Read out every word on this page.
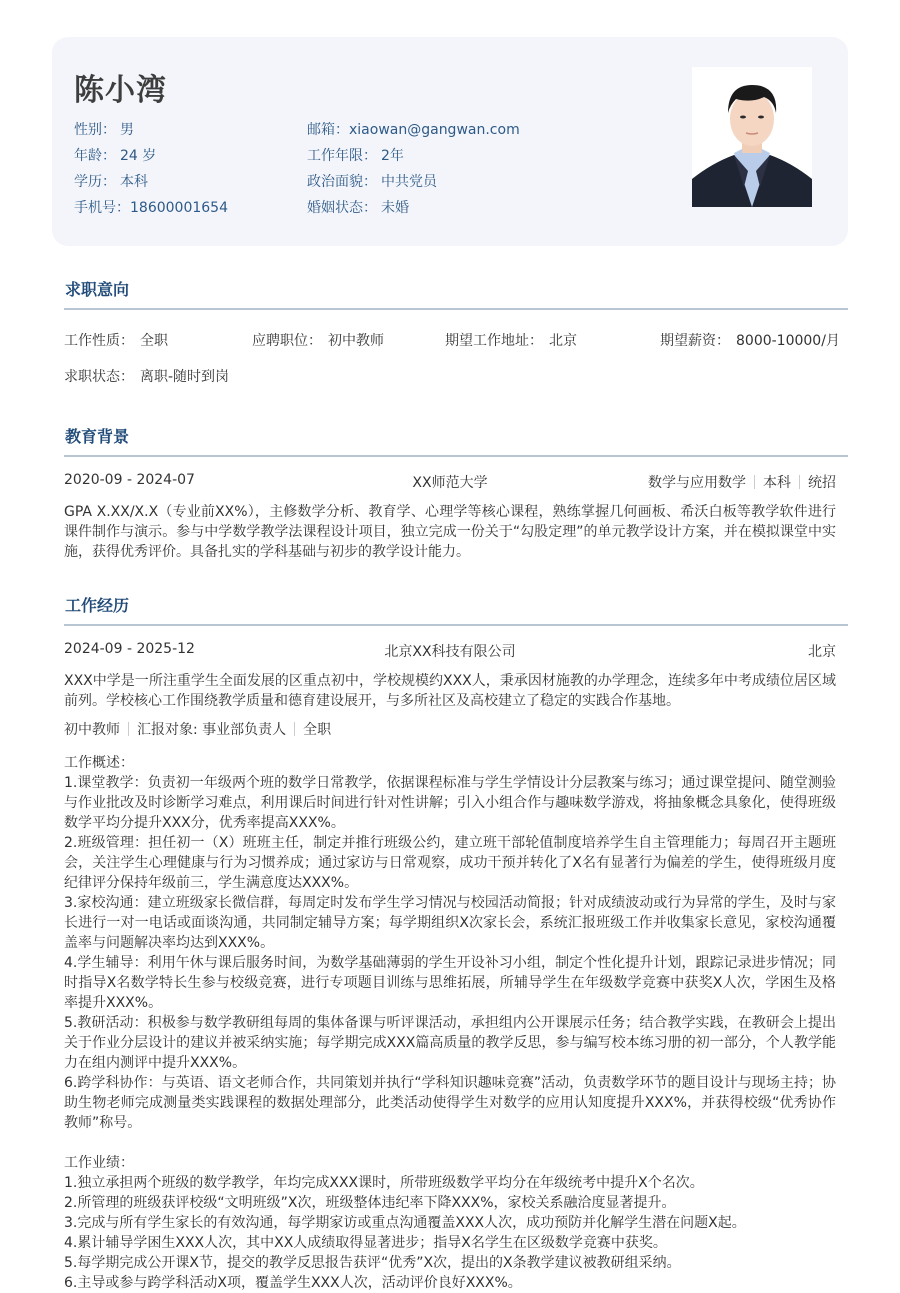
陈小湾
性别： 男
年龄： 24 岁
学历： 本科
手机号：18600001654
邮箱：xiaowan@gangwan.com
工作年限： 2年
政治面貌： 中共党员
婚姻状态： 未婚
求职意向
工作性质： 全职	应聘职位： 初中教师	期望工作地址： 北京	期望薪资： 8000-10000/月
求职状态： 离职-随时到岗
教育背景
2020-09 - 2024-07	XX师范大学	数学与应用数学 本科 统招

GPA X.XX/X.X（专业前XX%），主修数学分析、教育学、心理学等核心课程，熟练掌握几何画板、希沃白板等教学软件进行课件制作与演示。参与中学数学教学法课程设计项目，独立完成一份关于“勾股定理”的单元教学设计方案，并在模拟课堂中实施，获得优秀评价。具备扎实的学科基础与初步的教学设计能力。

工作经历
2024-09 - 2025-12	北京XX科技有限公司	北京

XXX中学是一所注重学生全面发展的区重点初中，学校规模约XXX人，秉承因材施教的办学理念，连续多年中考成绩位居区域前列。学校核心工作围绕教学质量和德育建设展开，与多所社区及高校建立了稳定的实践合作基地。

初中教师 汇报对象: 事业部负责人 全职

工作概述：

1.课堂教学：负责初一年级两个班的数学日常教学，依据课程标准与学生学情设计分层教案与练习；通过课堂提问、随堂测验与作业批改及时诊断学习难点，利用课后时间进行针对性讲解；引入小组合作与趣味数学游戏，将抽象概念具象化，使得班级数学平均分提升XXX分，优秀率提高XXX%。

2.班级管理：担任初一（X）班班主任，制定并推行班级公约，建立班干部轮值制度培养学生自主管理能力；每周召开主题班会，关注学生心理健康与行为习惯养成；通过家访与日常观察，成功干预并转化了X名有显著行为偏差的学生，使得班级月度纪律评分保持年级前三，学生满意度达XXX%。

3.家校沟通：建立班级家长微信群，每周定时发布学生学习情况与校园活动简报；针对成绩波动或行为异常的学生，及时与家长进行一对一电话或面谈沟通，共同制定辅导方案；每学期组织X次家长会，系统汇报班级工作并收集家长意见，家校沟通覆盖率与问题解决率均达到XXX%。

4.学生辅导：利用午休与课后服务时间，为数学基础薄弱的学生开设补习小组，制定个性化提升计划，跟踪记录进步情况；同时指导X名数学特长生参与校级竞赛，进行专项题目训练与思维拓展，所辅导学生在年级数学竞赛中获奖X人次，学困生及格率提升XXX%。

5.教研活动：积极参与数学教研组每周的集体备课与听评课活动，承担组内公开课展示任务；结合教学实践，在教研会上提出关于作业分层设计的建议并被采纳实施；每学期完成XXX篇高质量的教学反思，参与编写校本练习册的初一部分，个人教学能力在组内测评中提升XXX%。

6.跨学科协作：与英语、语文老师合作，共同策划并执行“学科知识趣味竞赛”活动，负责数学环节的题目设计与现场主持；协助生物老师完成测量类实践课程的数据处理部分，此类活动使得学生对数学的应用认知度提升XXX%，并获得校级“优秀协作教师”称号。

工作业绩：

1.独立承担两个班级的数学教学，年均完成XXX课时，所带班级数学平均分在年级统考中提升X个名次。

2.所管理的班级获评校级“文明班级”X次，班级整体违纪率下降XXX%，家校关系融洽度显著提升。

3.完成与所有学生家长的有效沟通，每学期家访或重点沟通覆盖XXX人次，成功预防并化解学生潜在问题X起。

4.累计辅导学困生XXX人次，其中XX人成绩取得显著进步；指导X名学生在区级数学竞赛中获奖。

5.每学期完成公开课X节，提交的教学反思报告获评“优秀”X次，提出的X条教学建议被教研组采纳。

6.主导或参与跨学科活动X项，覆盖学生XXX人次，活动评价良好XXX%。
